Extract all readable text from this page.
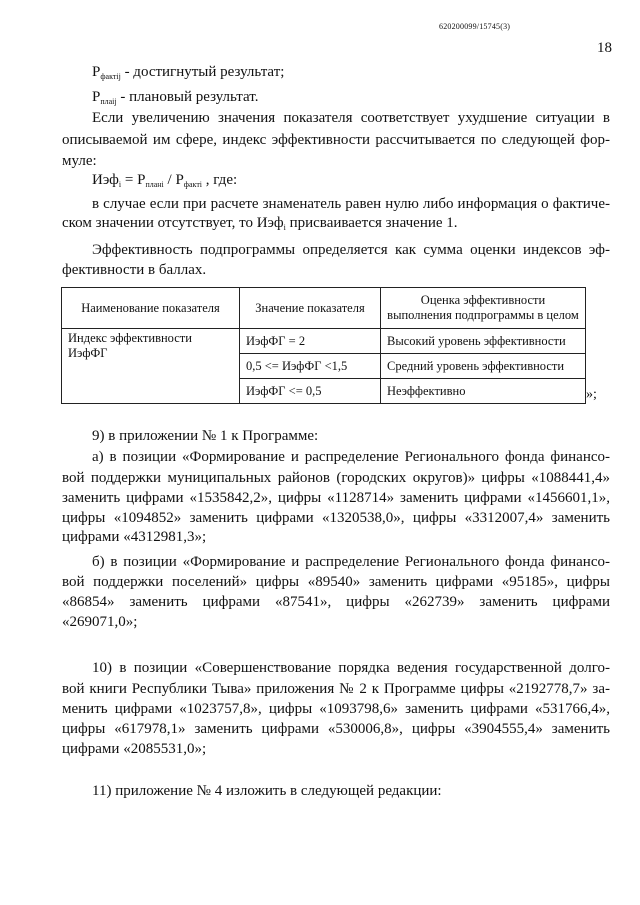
620200099/15745(3)
18
$P_{фактij}$ - достигнутый результат;
$P_{плаij}$ - плановый результат.
Если увеличению значения показателя соответствует ухудшение ситуации в
описываемой им сфере, индекс эффективности рассчитывается по следующей фор-
муле:
$Иэф_i = Р_{планi} / Р_{фактi}$ , где:
в случае если при расчете знаменатель равен нулю либо информация о фактиче-
ском значении отсутствует, то Иэф$_i$ присваивается значение 1.
Эффективность подпрограммы определяется как сумма оценки индексов эф-
фективности в баллах.
Наименование показателя	Значение показателя	Оценка эффективности выполнения подпрограммы в целом
Индекс эффективности ИэфФГ	ИэфФГ = 2	Высокий уровень эффективности
	0,5 <= ИэфФГ <1,5	Средний уровень эффективности
	ИэфФГ <= 0,5	Неэффективно	»;
9) в приложении № 1 к Программе:
а) в позиции «Формирование и распределение Регионального фонда финансо-
вой поддержки муниципальных районов (городских округов)» цифры «1088441,4»
заменить цифрами «1535842,2», цифры «1128714» заменить цифрами «1456601,1»,
цифры «1094852» заменить цифрами «1320538,0», цифры «3312007,4» заменить
цифрами «4312981,3»;
б) в позиции «Формирование и распределение Регионального фонда финансо-
вой поддержки поселений» цифры «89540» заменить цифрами «95185», цифры
«86854» заменить цифрами «87541», цифры «262739» заменить цифрами
«269071,0»;
10) в позиции «Совершенствование порядка ведения государственной долго-
вой книги Республики Тыва» приложения № 2 к Программе цифры «2192778,7» за-
менить цифрами «1023757,8», цифры «1093798,6» заменить цифрами «531766,4»,
цифры «617978,1» заменить цифрами «530006,8», цифры «3904555,4» заменить
цифрами «2085531,0»;
11) приложение № 4 изложить в следующей редакции:
